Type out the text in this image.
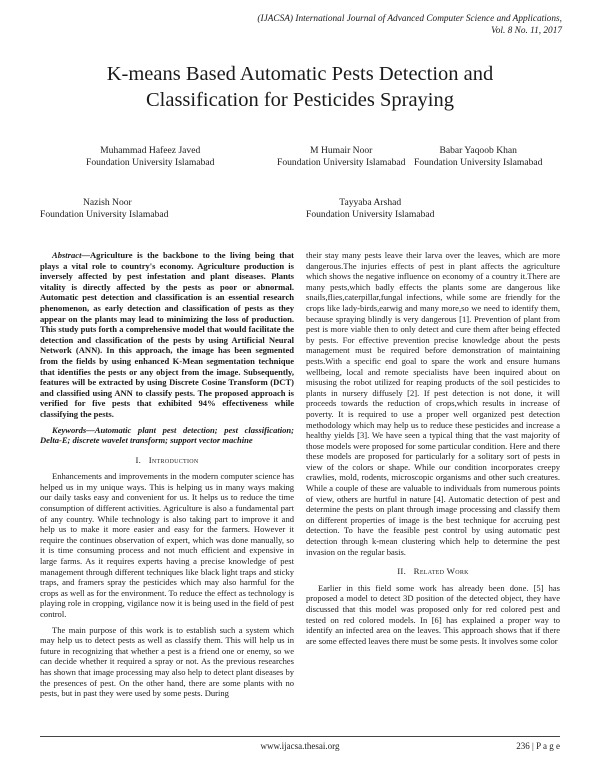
(IJACSA) International Journal of Advanced Computer Science and Applications,
Vol. 8 No. 11, 2017
K-means Based Automatic Pests Detection and
Classification for Pesticides Spraying
Muhammad Hafeez Javed
Foundation University Islamabad
M Humair Noor
Foundation University Islamabad
Babar Yaqoob Khan
Foundation University Islamabad
Nazish Noor
Foundation University Islamabad
Tayyaba Arshad
Foundation University Islamabad

Abstract—Agriculture is the backbone to the living being that plays a vital role to country's economy. Agriculture production is inversely affected by pest infestation and plant diseases. Plants vitality is directly affected by the pests as poor or abnormal. Automatic pest detection and classification is an essential research phenomenon, as early detection and classification of pests as they appear on the plants may lead to minimizing the loss of production. This study puts forth a comprehensive model that would facilitate the detection and classification of the pests by using Artificial Neural Network (ANN). In this approach, the image has been segmented from the fields by using enhanced K-Mean segmentation technique that identifies the pests or any object from the image. Subsequently, features will be extracted by using Discrete Cosine Transform (DCT) and classified using ANN to classify pests. The proposed approach is verified for five pests that exhibited 94% effectiveness while classifying the pests.

Keywords—Automatic plant pest detection; pest classification; Delta-E; discrete wavelet transform; support vector machine

I. Introduction

Enhancements and improvements in the modern computer science has helped us in my unique ways. This is helping us in many ways making our daily tasks easy and convenient for us. It helps us to reduce the time consumption of different activities. Agriculture is also a fundamental part of any country. While technology is also taking part to improve it and help us to make it more easier and easy for the farmers. However it require the continues observation of expert, which was done manually, so it is time consuming process and not much efficient and expensive in large farms. As it requires experts having a precise knowledge of pest management through different techniques like black light traps and sticky traps, and framers spray the pesticides which may also harmful for the crops as well as for the environment. To reduce the effect as technology is playing role in cropping, vigilance now it is being used in the field of pest control.

The main purpose of this work is to establish such a system which may help us to detect pests as well as classify them. This will help us in future in recognizing that whether a pest is a friend one or enemy, so we can decide whether it required a spray or not. As the previous researches has shown that image processing may also help to detect plant diseases by the presences of pest. On the other hand, there are some plants with no pests, but in past they were used by some pests. During

their stay many pests leave their larva over the leaves, which are more dangerous.The injuries effects of pest in plant affects the agriculture which shows the negative influence on economy of a country it.There are many pests,which badly effects the plants some are dangerous like snails,flies,caterpillar,fungal infections, while some are friendly for the crops like lady-birds,earwig and many more,so we need to identify them, because spraying blindly is very dangerous [1]. Prevention of plant from pest is more viable then to only detect and cure them after being effected by pests. For effective prevention precise knowledge about the pests management must be required before demonstration of maintaining pests.With a specific end goal to spare the work and ensure humans wellbeing, local and remote specialists have been inquired about on misusing the robot utilized for reaping products of the soil pesticides to plants in nursery diffusely [2]. If pest detection is not done, it will proceeds towards the reduction of crops,which results in increase of poverty. It is required to use a proper well organized pest detection methodology which may help us to reduce these pesticides and increase a healthy yields [3]. We have seen a typical thing that the vast majority of those models were proposed for some particular condition. Here and there these models are proposed for particularly for a solitary sort of pests in view of the colors or shape. While our condition incorporates creepy crawlies, mold, rodents, microscopic organisms and other such creatures. While a couple of these are valuable to individuals from numerous points of view, others are hurtful in nature [4]. Automatic detection of pest and determine the pests on plant through image processing and classify them on different properties of image is the best technique for accruing pest detection. To have the feasible pest control by using automatic pest detection through k-mean clustering which help to determine the pest invasion on the regular basis.

II. Related Work

Earlier in this field some work has already been done. [5] has proposed a model to detect 3D position of the detected object, they have discussed that this model was proposed only for red colored pest and tested on red colored models. In [6] has explained a proper way to identify an infected area on the leaves. This approach shows that if there are some effected leaves there must be some pests. It involves some color

www.ijacsa.thesai.org	236 | P a g e
